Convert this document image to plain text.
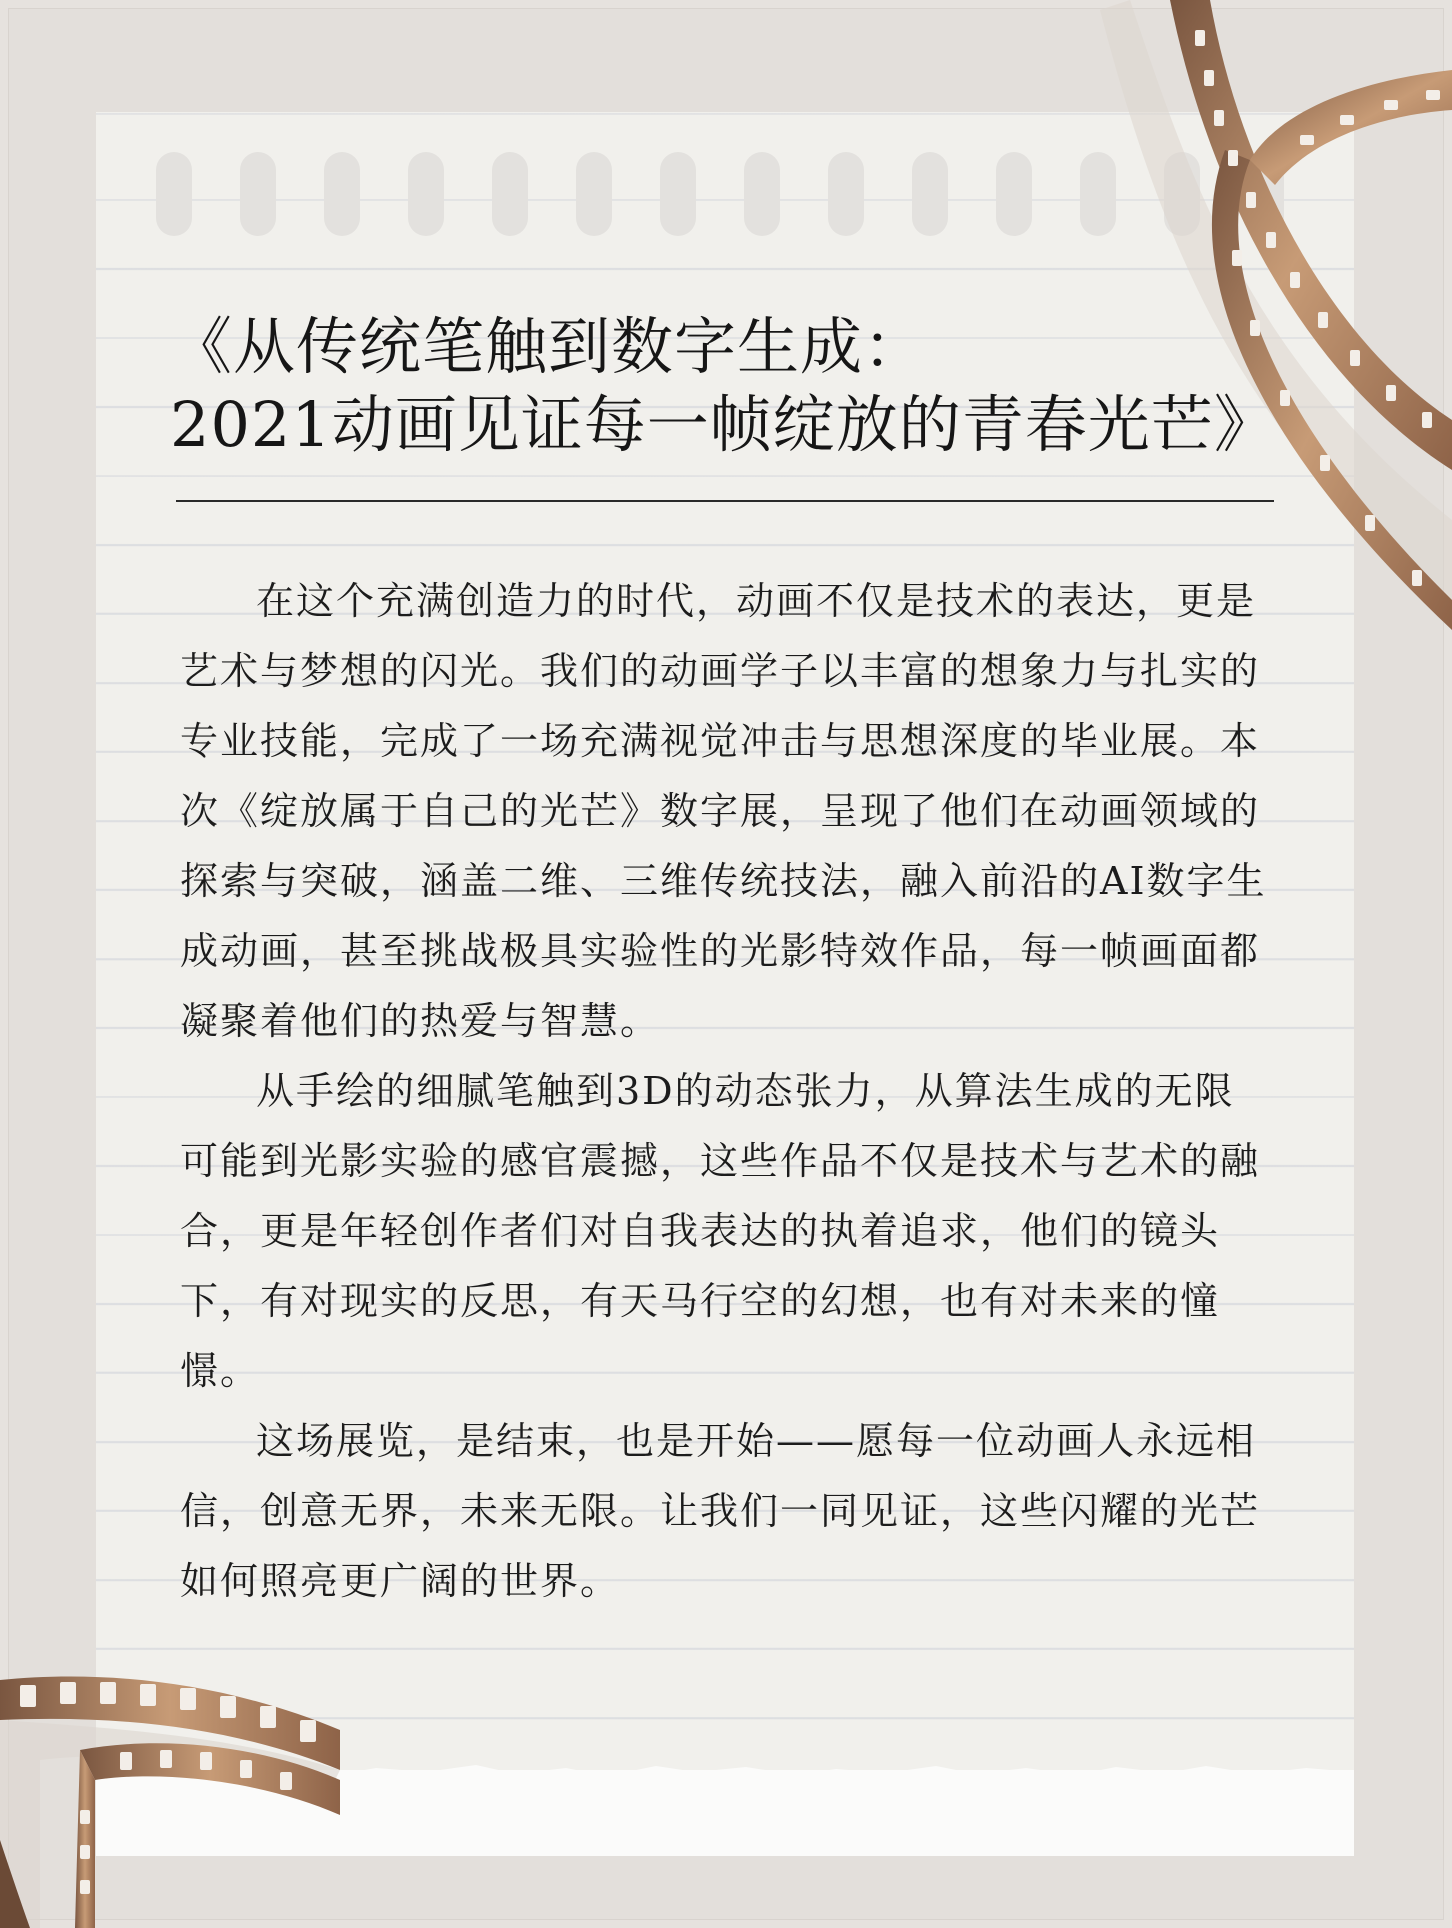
《从传统笔触到数字生成：
2021动画见证每一帧绽放的青春光芒》

在这个充满创造力的时代，动画不仅是技术的表达，更是艺术与梦想的闪光。我们的动画学子以丰富的想象力与扎实的专业技能，完成了一场充满视觉冲击与思想深度的毕业展。本次《绽放属于自己的光芒》数字展，呈现了他们在动画领域的探索与突破，涵盖二维、三维传统技法，融入前沿的AI数字生成动画，甚至挑战极具实验性的光影特效作品，每一帧画面都凝聚着他们的热爱与智慧。

从手绘的细腻笔触到3D的动态张力，从算法生成的无限可能到光影实验的感官震撼，这些作品不仅是技术与艺术的融合，更是年轻创作者们对自我表达的执着追求，他们的镜头下，有对现实的反思，有天马行空的幻想，也有对未来的憧憬。

这场展览，是结束，也是开始——愿每一位动画人永远相信，创意无界，未来无限。让我们一同见证，这些闪耀的光芒如何照亮更广阔的世界。
